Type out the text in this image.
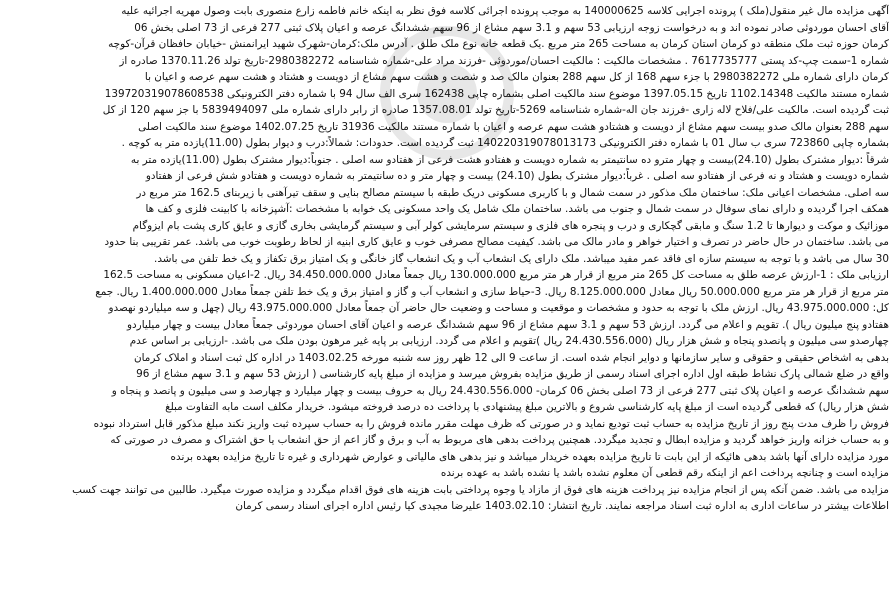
آگهی مزایده مال غیر منقول(ملک ) پرونده اجرایی کلاسه 140000625 به موجب پرونده اجرائی کلاسه فوق نظر به اینکه خانم فاطمه زارع منصوری بابت وصول مهریه اجرائیه علیه
آقای احسان موردوئی صادر نموده اند و به درخواست زوجه ارزیابی 53 سهم و 3.1 سهم مشاع از 96 سهم ششدانگ عرصه و اعیان پلاک ثبتی 277 فرعی از 73 اصلی بخش 06
کرمان حوزه ثبت ملک منطقه دو کرمان استان کرمان به مساحت 265 متر مربع .یک قطعه خانه نوع ملک طلق . آدرس ملک:کرمان-شهرک شهید ایرانمنش -خیابان حافظان قرآن-کوچه
شماره 1-سمت چپ-کد پستی 7617735777 . مشخصات مالکیت : مالکیت احسان/موردوئی -فرزند مراد علی-شماره شناسنامه 2980382272-تاریخ تولد 1370.11.26 صادره از
کرمان دارای شماره ملی 2980382272 با جزء سهم 168 از کل سهم 288 بعنوان مالک صد و شصت و هشت سهم مشاع از دویست و هشتاد و هشت سهم عرصه و اعیان با
شماره مستند مالکیت 1102.14348 تاریخ 1397.05.15 موضوع سند مالکیت اصلی بشماره چاپی 162438 سری الف سال 94 با شماره دفتر الکترونیکی 139720319078608538
ثبت گردیده است. مالکیت علی/فلاح لاله زاری -فرزند جان اله-شماره شناسنامه 5269-تاریخ تولد 1357.08.01 صادره از رابر دارای شماره ملی 5839494097 با جز سهم 120 از کل
سهم 288 بعنوان مالک صدو بیست سهم مشاع از دویست و هشتادو هشت سهم عرصه و اعیان با شماره مستند مالکیت 31936 تاریخ 1402.07.25 موضوع سند مالکیت اصلی
بشماره چاپی 723860 سری ب سال 01 با شماره دفتر الکترونیکی 140220319078013173 ثبت گردیده است. حدودات: شمالاً:درب و دیوار بطول (11.00)یازده متر به کوچه .
شرقاً :دیوار مشترک بطول (24.10)بیست و چهار مترو ده سانتیمتر به شماره دویست و هفتادو هشت فرعی از هفتادو سه اصلی . جنوباً:دیوار مشترک بطول (11.00)یازده متر به
شماره دویست و هشتاد و نه فرعی از هفتادو سه اصلی . غرباً:دیوار مشترک بطول (24.10) بیست و چهار متر و ده سانتیمتر به شماره دویست و هفتادو شش فرعی از هفتادو
سه اصلی. مشخصات اعیانی ملک: ساختمان ملک مذکور در سمت شمال و با کاربری مسکونی دریک طبقه با سیستم مصالح بنایی و سقف تیرآهنی با زیربنای 162.5 متر مربع در
همکف اجرا گردیده و دارای نمای سوفال در سمت شمال و جنوب می باشد. ساختمان ملک شامل یک واحد مسکونی یک خوابه با مشخصات :آشپزخانه با کابینت فلزی و کف ها
موزائیک و موکت و دیوارها تا 1.2 سنگ و مابقی گچکاری و درب و پنجره های فلزی و سیستم سرمایشی کولر آبی و سیستم گرمایشی بخاری گازی و عایق کاری پشت بام ایزوگام
می باشد. ساختمان در حال حاضر در تصرف و اختیار خواهر و مادر مالک می باشد. کیفیت مصالح مصرفی خوب و عایق کاری ابنیه از لحاظ رطوبت خوب می باشد. عمر تقریبی بنا حدود
30 سال می باشد و با توجه به سیستم سازه ای فاقد عمر مفید میباشد. ملک دارای یک انشعاب آب و یک انشعاب گاز خانگی و یک امتیاز برق تکفاز و یک خط تلفن می باشد.
ارزیابی ملک : 1-ارزش عرصه طلق به مساحت کل 265 متر مربع از قرار هر متر مربع 130.000.000 ریال جمعاً معادل 34.450.000.000 ریال. 2-اعیان مسکونی به مساحت 162.5
متر مربع از قرار هر متر مربع 50.000.000 ریال معادل 8.125.000.000 ریال. 3-حیاط سازی و انشعاب آب و گاز و امتیاز برق و یک خط تلفن جمعاً معادل 1.400.000.000 ریال. جمع
کل: 43.975.000.000 ریال. ارزش ملک با توجه به حدود و مشخصات و موقعیت و مساحت و وضعیت حال حاضر آن جمعاً معادل 43.975.000.000 ریال (چهل و سه میلیاردو نهصدو
هفتادو پنج میلیون ریال ). تقویم و اعلام می گردد. ارزش 53 سهم و 3.1 سهم مشاع از 96 سهم ششدانگ عرصه و اعیان آقای احسان موردوئی جمعاً معادل بیست و چهار میلیاردو
چهارصدو سی میلیون و پانصدو پنجاه و شش هزار ریال (24.430.556.000 ریال )تقویم و اعلام می گردد. ارزیابی بر پایه غیر مرهون بودن ملک می باشد. -ارزیابی بر اساس عدم
بدهی به اشخاص حقیقی و حقوقی و سایر سازمانها و دوایر انجام شده است. از ساعت 9 الی 12 ظهر روز سه شنبه مورخه 1403.02.25 در اداره کل ثبت اسناد و املاک کرمان
واقع در ضلع شمالی پارک نشاط طبقه اول اداره اجرای اسناد رسمی از طریق مزایده بفروش میرسد و مزایده از مبلغ پایه کارشناسی ( ارزش 53 سهم و 3.1 سهم مشاع از 96
سهم ششدانگ عرصه و اعیان پلاک ثبتی 277 فرعی از 73 اصلی بخش 06 کرمان- 24.430.556.000 ریال به حروف بیست و چهار میلیارد و چهارصد و سی میلیون و پانصد و پنجاه و
شش هزار ریال) که قطعی گردیده است از مبلغ پایه کارشناسی شروع و بالاترین مبلغ پیشنهادی با پرداخت ده درصد فروخته میشود. خریدار مکلف است مابه التفاوت مبلغ
فروش را ظرف مدت پنج روز از تاریخ مزایده به حساب ثبت تودیع نماید و در صورتی که ظرف مهلت مقرر مانده فروش را به حساب سپرده ثبت واریز نکند مبلغ مذکور قابل استرداد نبوده
و به حساب خزانه واریز خواهد گردید و مزایده ابطال و تجدید میگردد. همچنین پرداخت بدهی های مربوط به آب و برق و گاز اعم از حق انشعاب یا حق اشتراک و مصرف در صورتی که
مورد مزایده دارای آنها باشد بدهی هائیکه از این بابت تا تاریخ مزایده بعهده خریدار میباشد و نیز بدهی های مالیاتی و عوارض شهرداری و غیره تا تاریخ مزایده بعهده برنده
مزایده است و چنانچه پرداخت اعم از اینکه رقم قطعی آن معلوم نشده باشد یا نشده باشد به عهده برنده
مزایده می باشد. ضمن آنکه پس از انجام مزایده نیز پرداخت هزینه های فوق از مازاد یا وجوه پرداختی بابت هزینه های فوق اقدام میگردد و مزایده صورت میگیرد. طالبین می توانند جهت کسب
اطلاعات بیشتر در ساعات اداری به اداره ثبت اسناد مراجعه نمایند. تاریخ انتشار: 1403.02.10 علیرضا مجیدی کیا رئیس اداره اجرای اسناد رسمی کرمان
